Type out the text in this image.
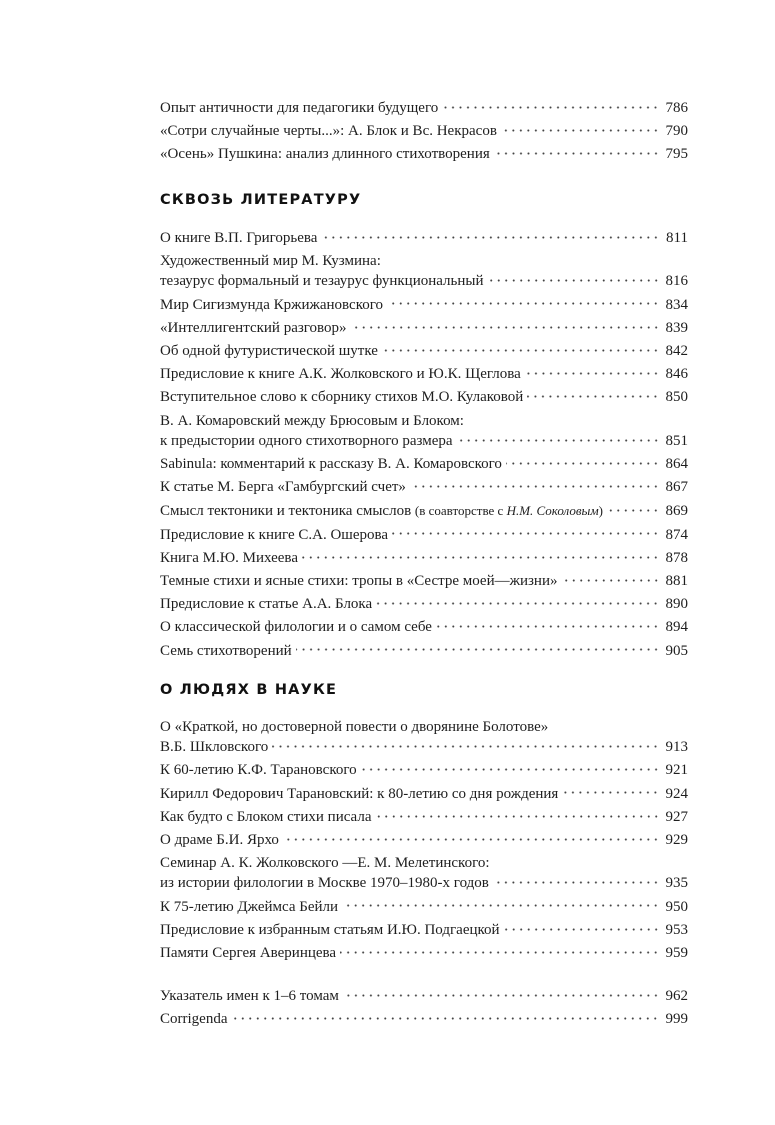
Опыт античности для педагогики будущего	786
«Сотри случайные черты...»: А. Блок и Вс. Некрасов	790
«Осень» Пушкина: анализ длинного стихотворения	795
СКВОЗЬ ЛИТЕРАТУРУ
О книге В.П. Григорьева	811
Художественный мир М. Кузмина:
тезаурус формальный и тезаурус функциональный	816
Мир Сигизмунда Кржижановского	834
«Интеллигентский разговор»	839
Об одной футуристической шутке	842
Предисловие к книге А.К. Жолковского и Ю.К. Щеглова	846
Вступительное слово к сборнику стихов М.О. Кулаковой	850
В. А. Комаровский между Брюсовым и Блоком:
к предыстории одного стихотворного размера	851
Sabinula: комментарий к рассказу В. А. Комаровского	864
К статье М. Берга «Гамбургский счет»	867
Смысл тектоники и тектоника смыслов (в соавторстве с Н.М. Соколовым)	869
Предисловие к книге С.А. Ошерова	874
Книга М.Ю. Михеева	878
Темные стихи и ясные стихи: тропы в «Сестре моей—жизни»	881
Предисловие к статье А.А. Блока	890
О классической филологии и о самом себе	894
Семь стихотворений	905
О ЛЮДЯХ В НАУКЕ
О «Краткой, но достоверной повести о дворянине Болотове»
В.Б. Шкловского	913
К 60-летию К.Ф. Тарановского	921
Кирилл Федорович Тарановский: к 80-летию со дня рождения	924
Как будто с Блоком стихи писала	927
О драме Б.И. Ярхо	929
Семинар А. К. Жолковского —Е. М. Мелетинского:
из истории филологии в Москве 1970–1980-х годов	935
К 75-летию Джеймса Бейли	950
Предисловие к избранным статьям И.Ю. Подгаецкой	953
Памяти Сергея Аверинцева	959
Указатель имен к 1–6 томам	962
Corrigenda	999
